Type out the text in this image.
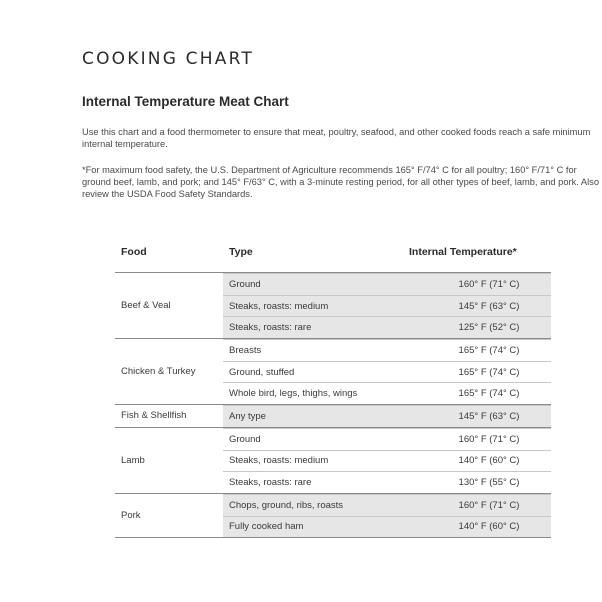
COOKING CHART
Internal Temperature Meat Chart
Use this chart and a food thermometer to ensure that meat, poultry, seafood, and other cooked foods reach a safe minimum internal temperature.
*For maximum food safety, the U.S. Department of Agriculture recommends 165° F/74° C for all poultry; 160° F/71° C for ground beef, lamb, and pork; and 145° F/63° C, with a 3-minute resting period, for all other types of beef, lamb, and pork. Also review the USDA Food Safety Standards.
Food	Type	Internal Temperature*
Beef & Veal
Ground	160° F (71° C)
Steaks, roasts: medium	145° F (63° C)
Steaks, roasts: rare	125° F (52° C)
Chicken & Turkey
Breasts	165° F (74° C)
Ground, stuffed	165° F (74° C)
Whole bird, legs, thighs, wings	165° F (74° C)
Fish & Shellfish	Any type	145° F (63° C)
Lamb
Ground	160° F (71° C)
Steaks, roasts: medium	140° F (60° C)
Steaks, roasts: rare	130° F (55° C)
Pork
Chops, ground, ribs, roasts	160° F (71° C)
Fully cooked ham	140° F (60° C)
